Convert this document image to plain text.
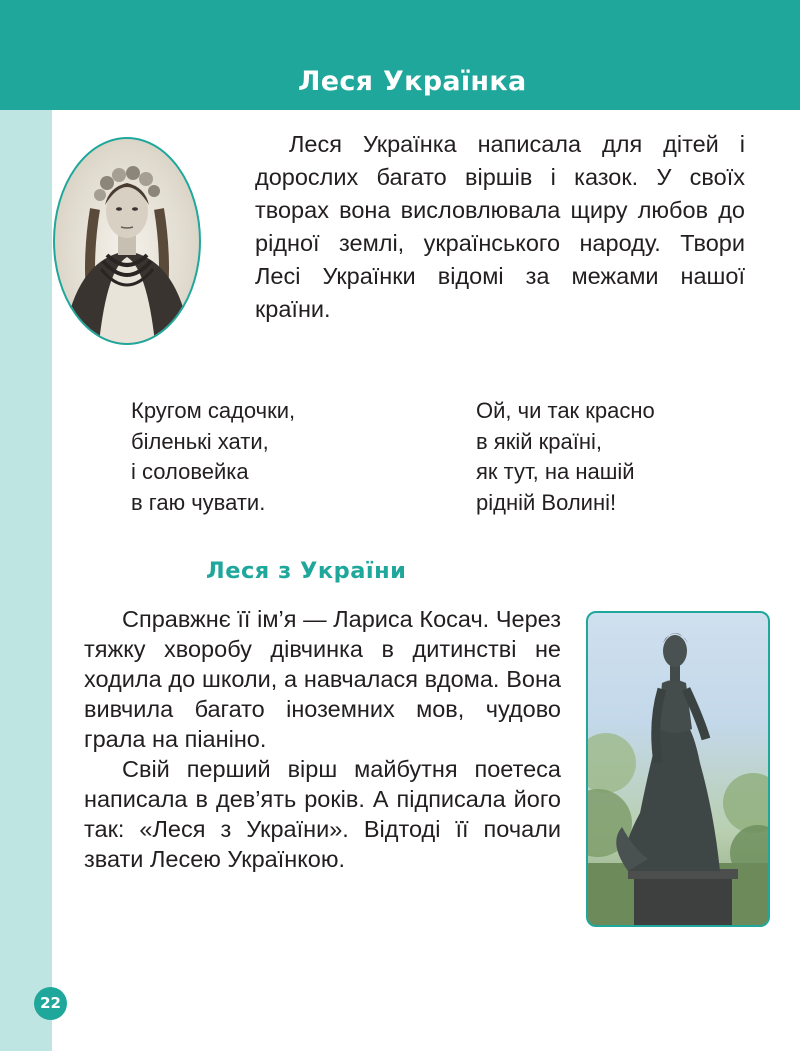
Леся Українка

Леся Українка написала для дітей і дорослих багато віршів і казок. У своїх творах вона висловлювала щиру любов до рідної землі, українського народу. Твори Лесі Українки відомі за межами нашої країни.

Кругом садочки,
біленькі хати,
і соловейка
в гаю чувати.
Ой, чи так красно
в якій країні,
як тут, на нашій
рідній Волині!
Леся з України

Справжнє її ім’я — Лариса Косач. Через тяжку хворобу дівчинка в дитинстві не ходила до школи, а навчалася вдома. Вона вивчила багато іноземних мов, чудово грала на піаніно.

Свій перший вірш майбутня поетеса написала в дев’ять років. А підписала його так: «Леся з України». Відтоді її почали звати Лесею Українкою.

22
